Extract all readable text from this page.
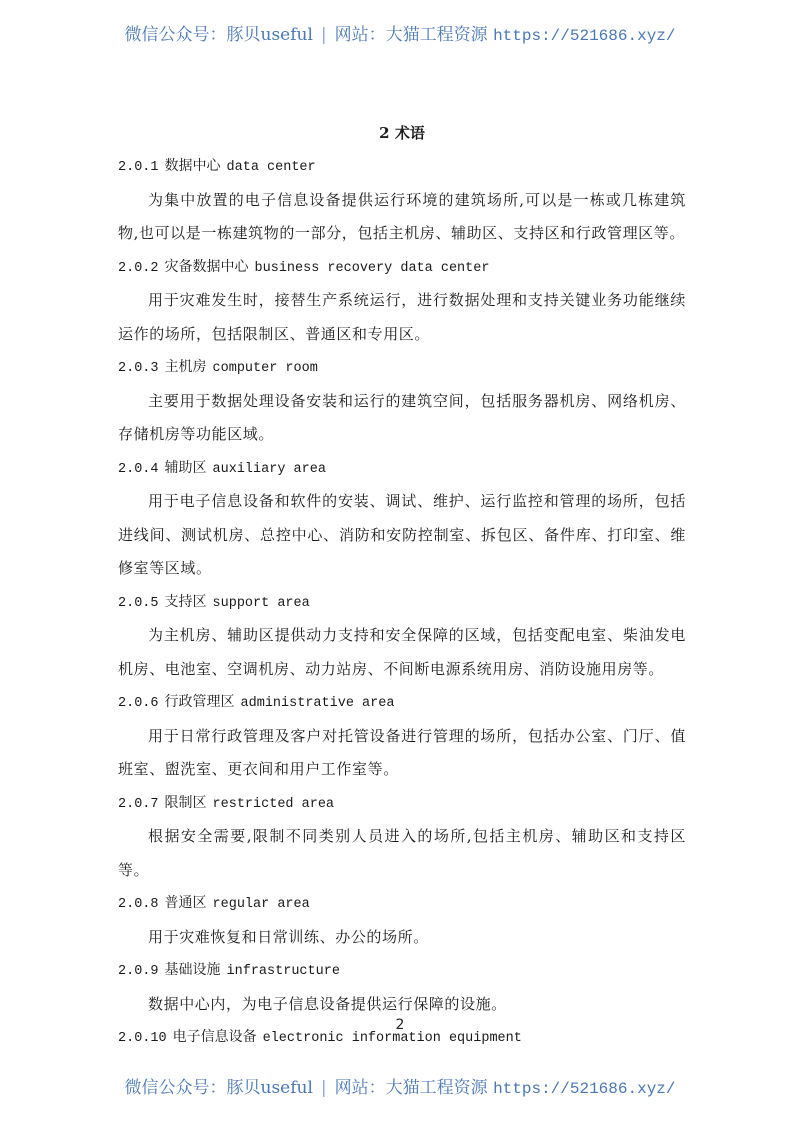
微信公众号：豚贝useful | 网站：大猫工程资源 https://521686.xyz/
2 术语
2.0.1 数据中心 data center
为集中放置的电子信息设备提供运行环境的建筑场所,可以是一栋或几栋建筑物,也可以是一栋建筑物的一部分，包括主机房、辅助区、支持区和行政管理区等。
2.0.2 灾备数据中心 business recovery data center
用于灾难发生时，接替生产系统运行，进行数据处理和支持关键业务功能继续运作的场所，包括限制区、普通区和专用区。
2.0.3 主机房 computer room
主要用于数据处理设备安装和运行的建筑空间，包括服务器机房、网络机房、存储机房等功能区域。
2.0.4 辅助区 auxiliary area
用于电子信息设备和软件的安装、调试、维护、运行监控和管理的场所，包括进线间、测试机房、总控中心、消防和安防控制室、拆包区、备件库、打印室、维修室等区域。
2.0.5 支持区 support area
为主机房、辅助区提供动力支持和安全保障的区域，包括变配电室、柴油发电机房、电池室、空调机房、动力站房、不间断电源系统用房、消防设施用房等。
2.0.6 行政管理区 administrative area
用于日常行政管理及客户对托管设备进行管理的场所，包括办公室、门厅、值班室、盥洗室、更衣间和用户工作室等。
2.0.7 限制区 restricted area
根据安全需要,限制不同类别人员进入的场所,包括主机房、辅助区和支持区等。
2.0.8 普通区 regular area
用于灾难恢复和日常训练、办公的场所。
2.0.9 基础设施 infrastructure
数据中心内，为电子信息设备提供运行保障的设施。
2.0.10 电子信息设备 electronic information equipment
2
微信公众号：豚贝useful | 网站：大猫工程资源 https://521686.xyz/
